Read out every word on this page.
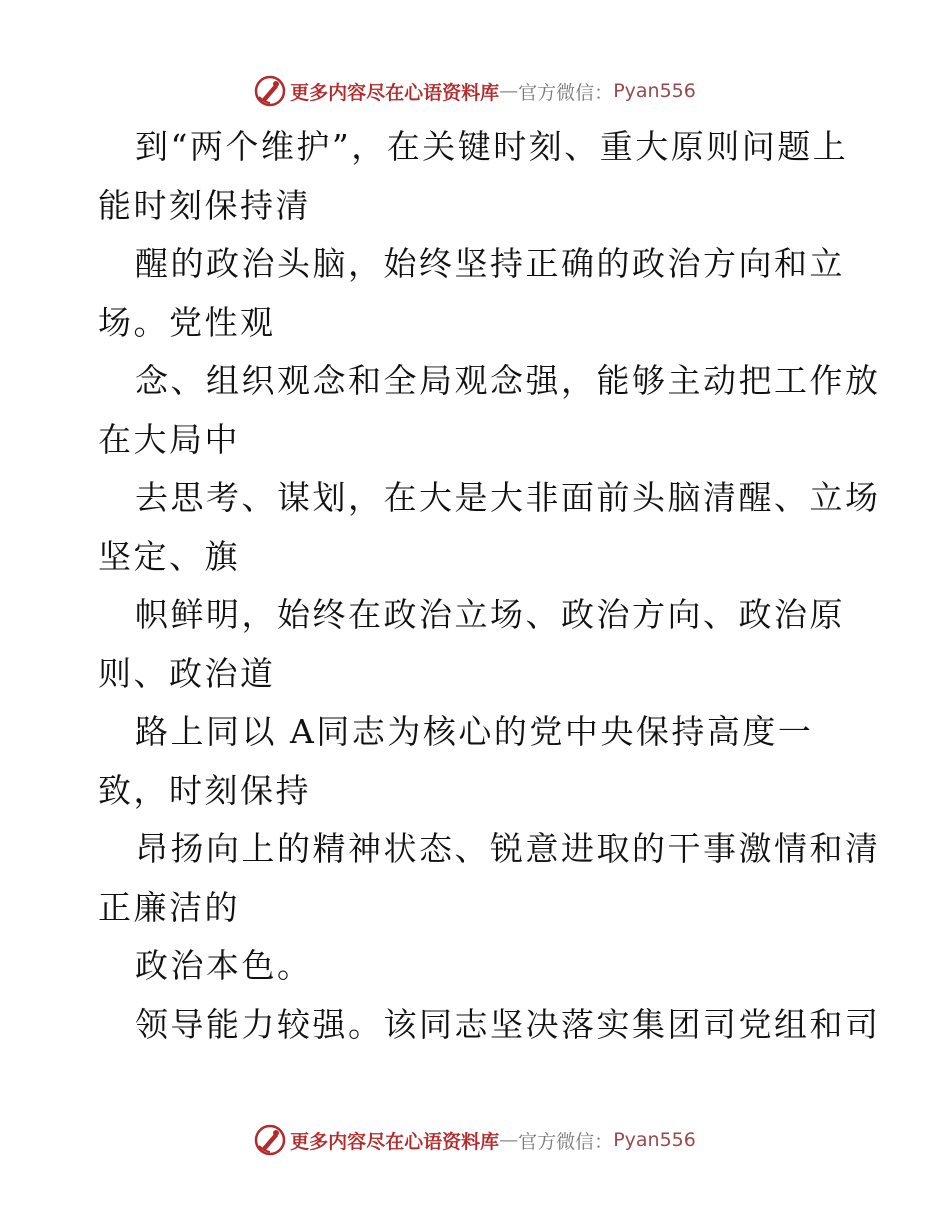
更多内容尽在心语资料库 — 官方微信： Pyan556

到“两个维护”，在关键时刻、重大原则问题上

能时刻保持清

醒的政治头脑，始终坚持正确的政治方向和立

场。党性观

念、组织观念和全局观念强，能够主动把工作放

在大局中

去思考、谋划，在大是大非面前头脑清醒、立场

坚定、旗

帜鲜明，始终在政治立场、政治方向、政治原

则、政治道

路上同以 A同志为核心的党中央保持高度一

致，时刻保持

昂扬向上的精神状态、锐意进取的干事激情和清

正廉洁的

政治本色。

领导能力较强。该同志坚决落实集团司党组和司

更多内容尽在心语资料库 — 官方微信： Pyan556
